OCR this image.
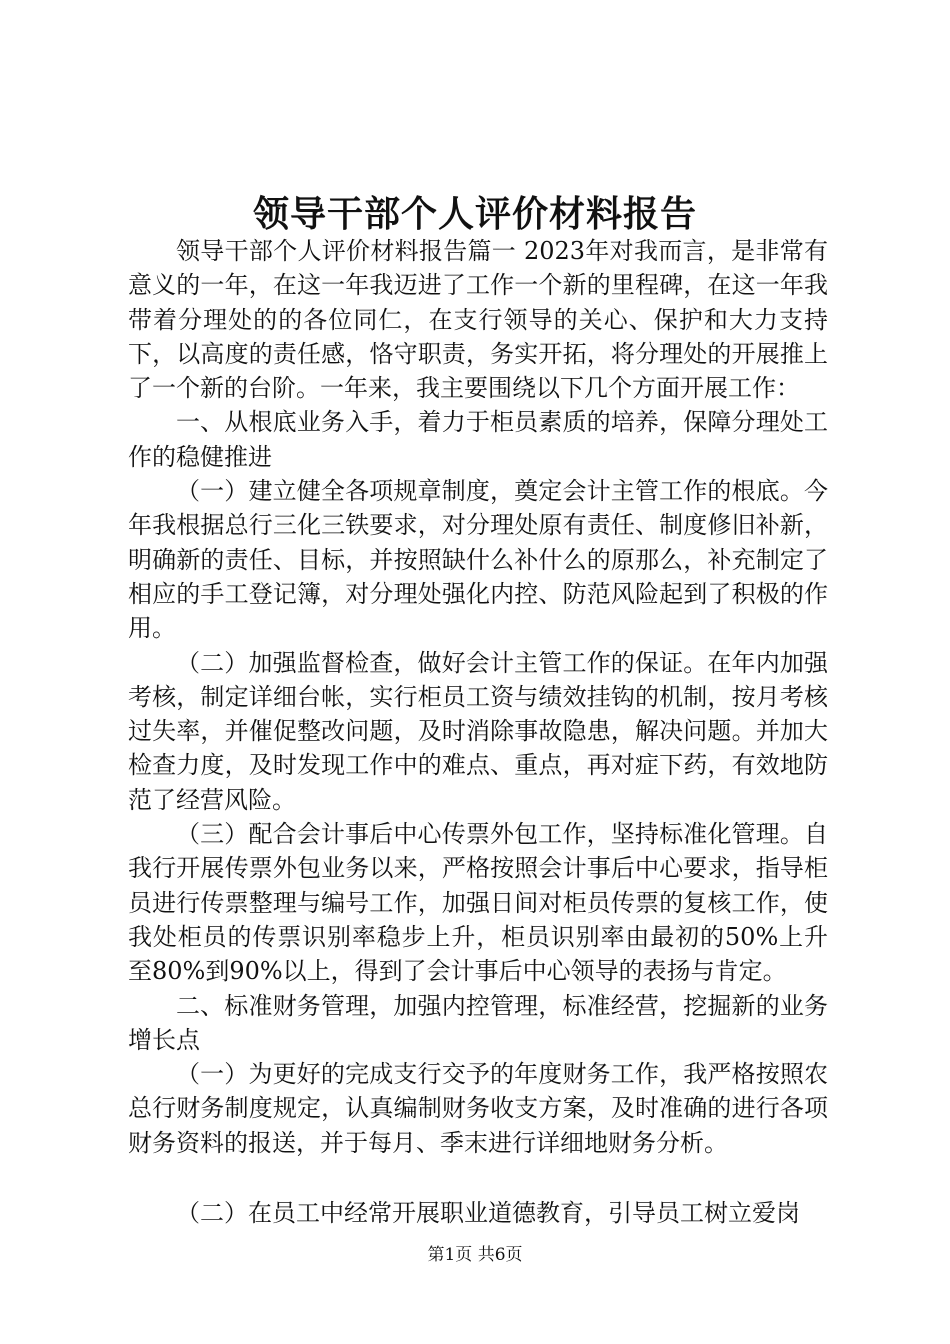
领导干部个人评价材料报告

领导干部个人评价材料报告篇一 2023年对我而言，是非常有意义的一年，在这一年我迈进了工作一个新的里程碑，在这一年我带着分理处的的各位同仁，在支行领导的关心、保护和大力支持下，以高度的责任感，恪守职责，务实开拓，将分理处的开展推上了一个新的台阶。一年来，我主要围绕以下几个方面开展工作：

一、从根底业务入手，着力于柜员素质的培养，保障分理处工作的稳健推进

（一）建立健全各项规章制度，奠定会计主管工作的根底。今年我根据总行三化三铁要求，对分理处原有责任、制度修旧补新，明确新的责任、目标，并按照缺什么补什么的原那么，补充制定了相应的手工登记簿，对分理处强化内控、防范风险起到了积极的作用。

（二）加强监督检查，做好会计主管工作的保证。在年内加强考核，制定详细台帐，实行柜员工资与绩效挂钩的机制，按月考核过失率，并催促整改问题，及时消除事故隐患，解决问题。并加大检查力度，及时发现工作中的难点、重点，再对症下药，有效地防范了经营风险。

（三）配合会计事后中心传票外包工作，坚持标准化管理。自我行开展传票外包业务以来，严格按照会计事后中心要求，指导柜员进行传票整理与编号工作，加强日间对柜员传票的复核工作，使我处柜员的传票识别率稳步上升，柜员识别率由最初的50%上升至80%到90%以上，得到了会计事后中心领导的表扬与肯定。

二、标准财务管理，加强内控管理，标准经营，挖掘新的业务增长点

（一）为更好的完成支行交予的年度财务工作，我严格按照农总行财务制度规定，认真编制财务收支方案，及时准确的进行各项财务资料的报送，并于每月、季末进行详细地财务分析。

（二）在员工中经常开展职业道德教育，引导员工树立爱岗

第1页 共6页
